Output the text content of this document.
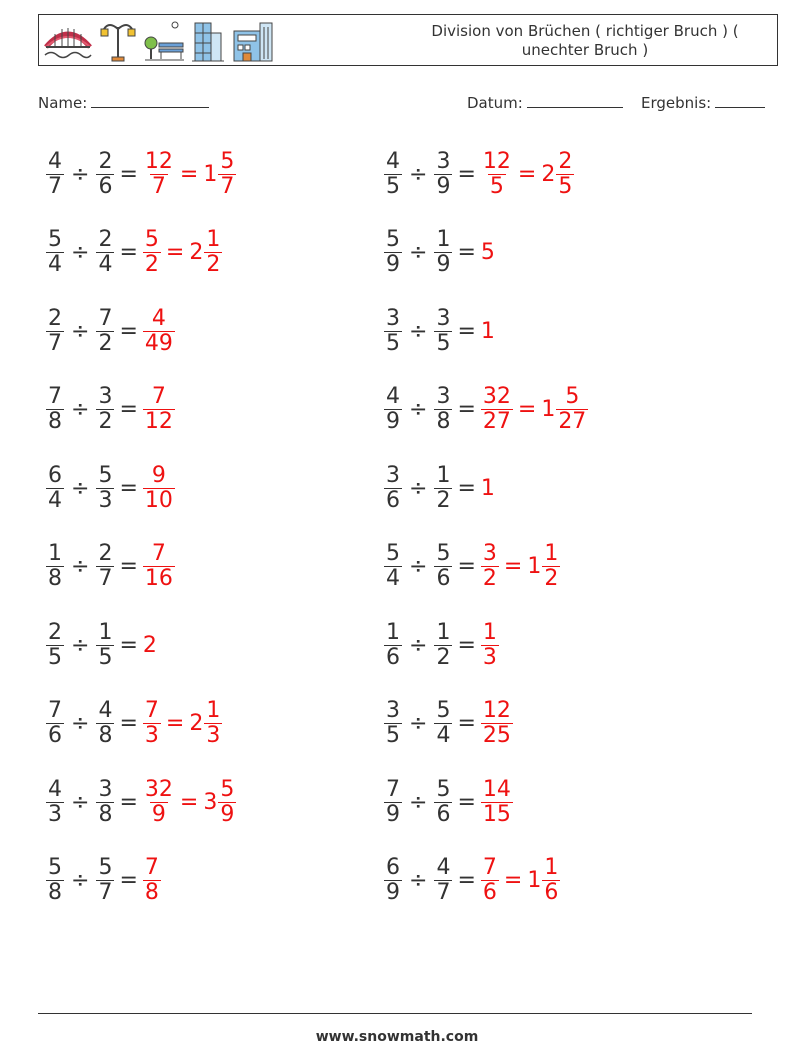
Division von Brüchen ( richtiger Bruch ) ( unechter Bruch )
Name:	Datum:	Ergebnis:
$\frac{4}{7} \div \frac{2}{6} = \frac{12}{7} = 1 \frac{5}{7}$	$\frac{4}{5} \div \frac{3}{9} = \frac{12}{5} = 2 \frac{2}{5}$
$\frac{5}{4} \div \frac{2}{4} = \frac{5}{2} = 2 \frac{1}{2}$	$\frac{5}{9} \div \frac{1}{9} = 5$
$\frac{2}{7} \div \frac{7}{2} = \frac{4}{49}$	$\frac{3}{5} \div \frac{3}{5} = 1$
$\frac{7}{8} \div \frac{3}{2} = \frac{7}{12}$	$\frac{4}{9} \div \frac{3}{8} = \frac{32}{27} = 1 \frac{5}{27}$
$\frac{6}{4} \div \frac{5}{3} = \frac{9}{10}$	$\frac{3}{6} \div \frac{1}{2} = 1$
$\frac{1}{8} \div \frac{2}{7} = \frac{7}{16}$	$\frac{5}{4} \div \frac{5}{6} = \frac{3}{2} = 1 \frac{1}{2}$
$\frac{2}{5} \div \frac{1}{5} = 2$	$\frac{1}{6} \div \frac{1}{2} = \frac{1}{3}$
$\frac{7}{6} \div \frac{4}{8} = \frac{7}{3} = 2 \frac{1}{3}$	$\frac{3}{5} \div \frac{5}{4} = \frac{12}{25}$
$\frac{4}{3} \div \frac{3}{8} = \frac{32}{9} = 3 \frac{5}{9}$	$\frac{7}{9} \div \frac{5}{6} = \frac{14}{15}$
$\frac{5}{8} \div \frac{5}{7} = \frac{7}{8}$	$\frac{6}{9} \div \frac{4}{7} = \frac{7}{6} = 1 \frac{1}{6}$
www.snowmath.com
